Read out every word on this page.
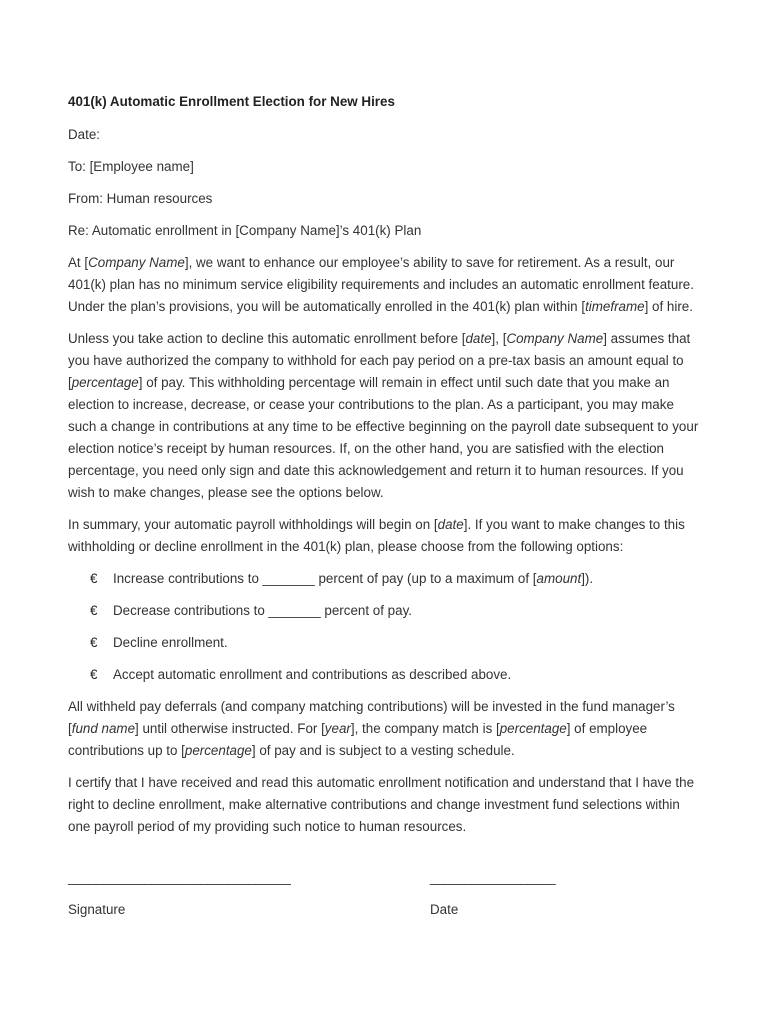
401(k) Automatic Enrollment Election for New Hires
Date:
To: [Employee name]
From: Human resources
Re: Automatic enrollment in [Company Name]’s 401(k) Plan

At [Company Name], we want to enhance our employee’s ability to save for retirement. As a result, our 401(k) plan has no minimum service eligibility requirements and includes an automatic enrollment feature. Under the plan’s provisions, you will be automatically enrolled in the 401(k) plan within [timeframe] of hire.

Unless you take action to decline this automatic enrollment before [date], [Company Name] assumes that you have authorized the company to withhold for each pay period on a pre-tax basis an amount equal to [percentage] of pay. This withholding percentage will remain in effect until such date that you make an election to increase, decrease, or cease your contributions to the plan. As a participant, you may make such a change in contributions at any time to be effective beginning on the payroll date subsequent to your election notice’s receipt by human resources. If, on the other hand, you are satisfied with the election percentage, you need only sign and date this acknowledgement and return it to human resources. If you wish to make changes, please see the options below.

In summary, your automatic payroll withholdings will begin on [date]. If you want to make changes to this withholding or decline enrollment in the 401(k) plan, please choose from the following options:

€ Increase contributions to _______ percent of pay (up to a maximum of [amount]).
€ Decrease contributions to _______ percent of pay.
€ Decline enrollment.
€ Accept automatic enrollment and contributions as described above.

All withheld pay deferrals (and company matching contributions) will be invested in the fund manager’s [fund name] until otherwise instructed. For [year], the company match is [percentage] of employee contributions up to [percentage] of pay and is subject to a vesting schedule.

I certify that I have received and read this automatic enrollment notification and understand that I have the right to decline enrollment, make alternative contributions and change investment fund selections within one payroll period of my providing such notice to human resources.

________________________________	__________________
Signature	Date
